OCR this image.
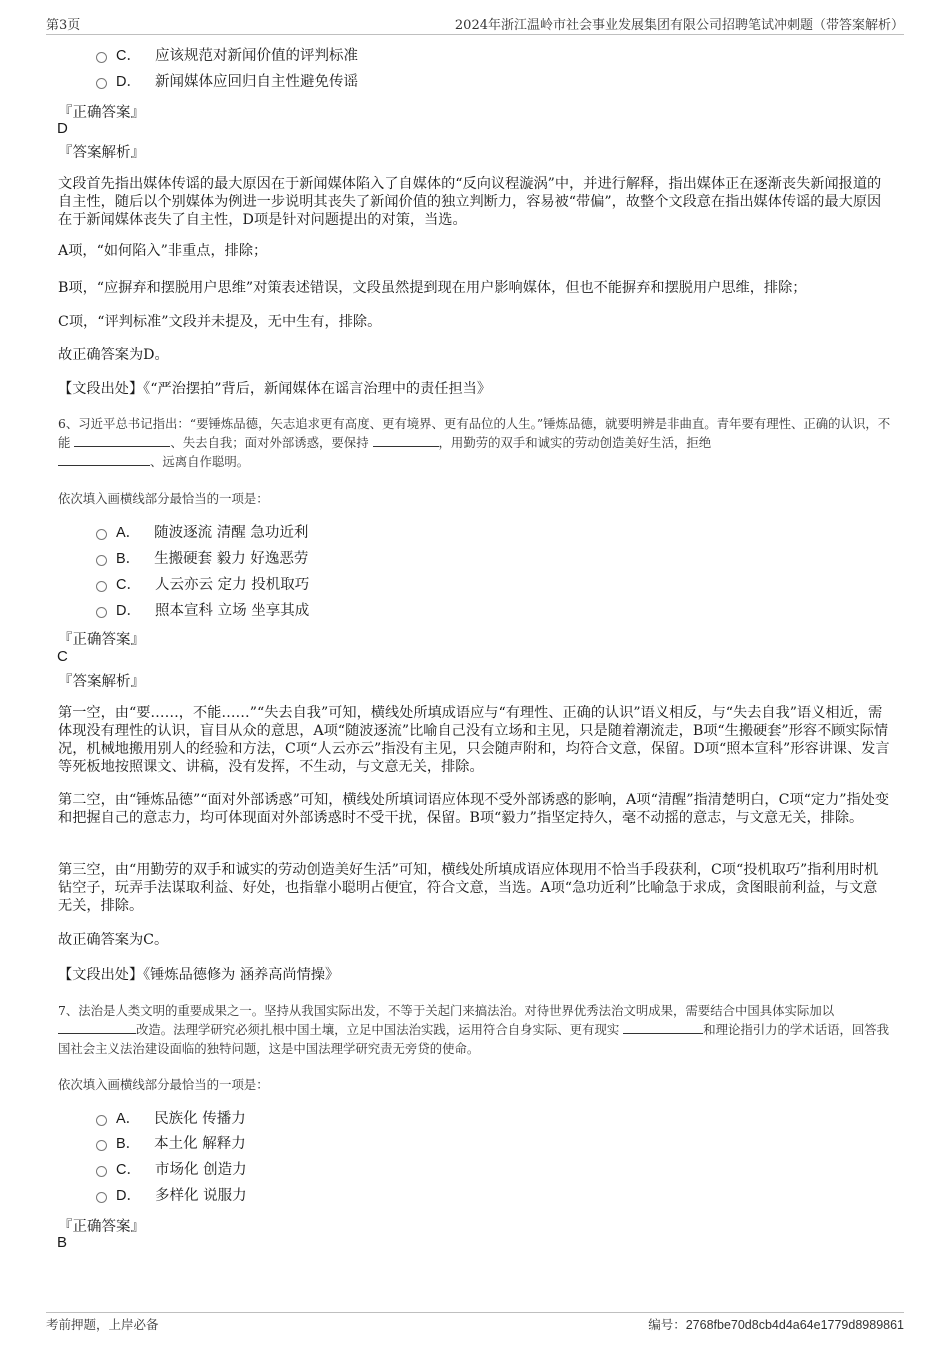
第3页	2024年浙江温岭市社会事业发展集团有限公司招聘笔试冲刺题（带答案解析）
C． 应该规范对新闻价值的评判标准
D． 新闻媒体应回归自主性避免传谣
『正确答案』
D
『答案解析』
文段首先指出媒体传谣的最大原因在于新闻媒体陷入了自媒体的“反向议程漩涡”中，并进行解释，指出媒体正在逐渐丧失新闻报道的自主性，随后以个别媒体为例进一步说明其丧失了新闻价值的独立判断力，容易被“带偏”，故整个文段意在指出媒体传谣的最大原因在于新闻媒体丧失了自主性，D项是针对问题提出的对策，当选。
A项，“如何陷入”非重点，排除；
B项，“应摒弃和摆脱用户思维”对策表述错误，文段虽然提到现在用户影响媒体，但也不能摒弃和摆脱用户思维，排除；
C项，“评判标准”文段并未提及，无中生有，排除。
故正确答案为D。
【文段出处】《“严治摆拍”背后，新闻媒体在谣言治理中的责任担当》
6、习近平总书记指出：“要锤炼品德，矢志追求更有高度、更有境界、更有品位的人生。”锤炼品德，就要明辨是非曲直。青年要有理性、正确的认识，不能	、失去自我；面对外部诱惑，要保持	，用勤劳的双手和诚实的劳动创造美好生活，拒绝
、远离自作聪明。
依次填入画横线部分最恰当的一项是：
A． 随波逐流 清醒 急功近利
B． 生搬硬套 毅力 好逸恶劳
C． 人云亦云 定力 投机取巧
D． 照本宣科 立场 坐享其成
『正确答案』
C
『答案解析』
第一空，由“要……，不能……”“失去自我”可知，横线处所填成语应与“有理性、正确的认识”语义相反，与“失去自我”语义相近，需体现没有理性的认识，盲目从众的意思，A项“随波逐流”比喻自己没有立场和主见，只是随着潮流走，B项“生搬硬套”形容不顾实际情况，机械地搬用别人的经验和方法，C项“人云亦云”指没有主见，只会随声附和，均符合文意，保留。D项“照本宣科”形容讲课、发言等死板地按照课文、讲稿，没有发挥，不生动，与文意无关，排除。
第二空，由“锤炼品德”“面对外部诱惑”可知，横线处所填词语应体现不受外部诱惑的影响，A项“清醒”指清楚明白，C项“定力”指处变和把握自己的意志力，均可体现面对外部诱惑时不受干扰，保留。B项“毅力”指坚定持久，毫不动摇的意志，与文意无关，排除。
第三空，由“用勤劳的双手和诚实的劳动创造美好生活”可知，横线处所填成语应体现用不恰当手段获利，C项“投机取巧”指利用时机钻空子，玩弄手法谋取利益、好处，也指靠小聪明占便宜，符合文意，当选。A项“急功近利”比喻急于求成，贪图眼前利益，与文意无关，排除。
故正确答案为C。
【文段出处】《锤炼品德修为 涵养高尚情操》
7、法治是人类文明的重要成果之一。坚持从我国实际出发，不等于关起门来搞法治。对待世界优秀法治文明成果，需要结合中国具体实际加以
改造。法理学研究必须扎根中国土壤，立足中国法治实践，运用符合自身实际、更有现实	和理论指引力的学术话语，回答我国社会主义法治建设面临的独特问题，这是中国法理学研究责无旁贷的使命。
依次填入画横线部分最恰当的一项是：
A． 民族化 传播力
B． 本土化 解释力
C． 市场化 创造力
D． 多样化 说服力
『正确答案』
B
考前押题，上岸必备	编号：2768fbe70d8cb4d4a64e1779d8989861
